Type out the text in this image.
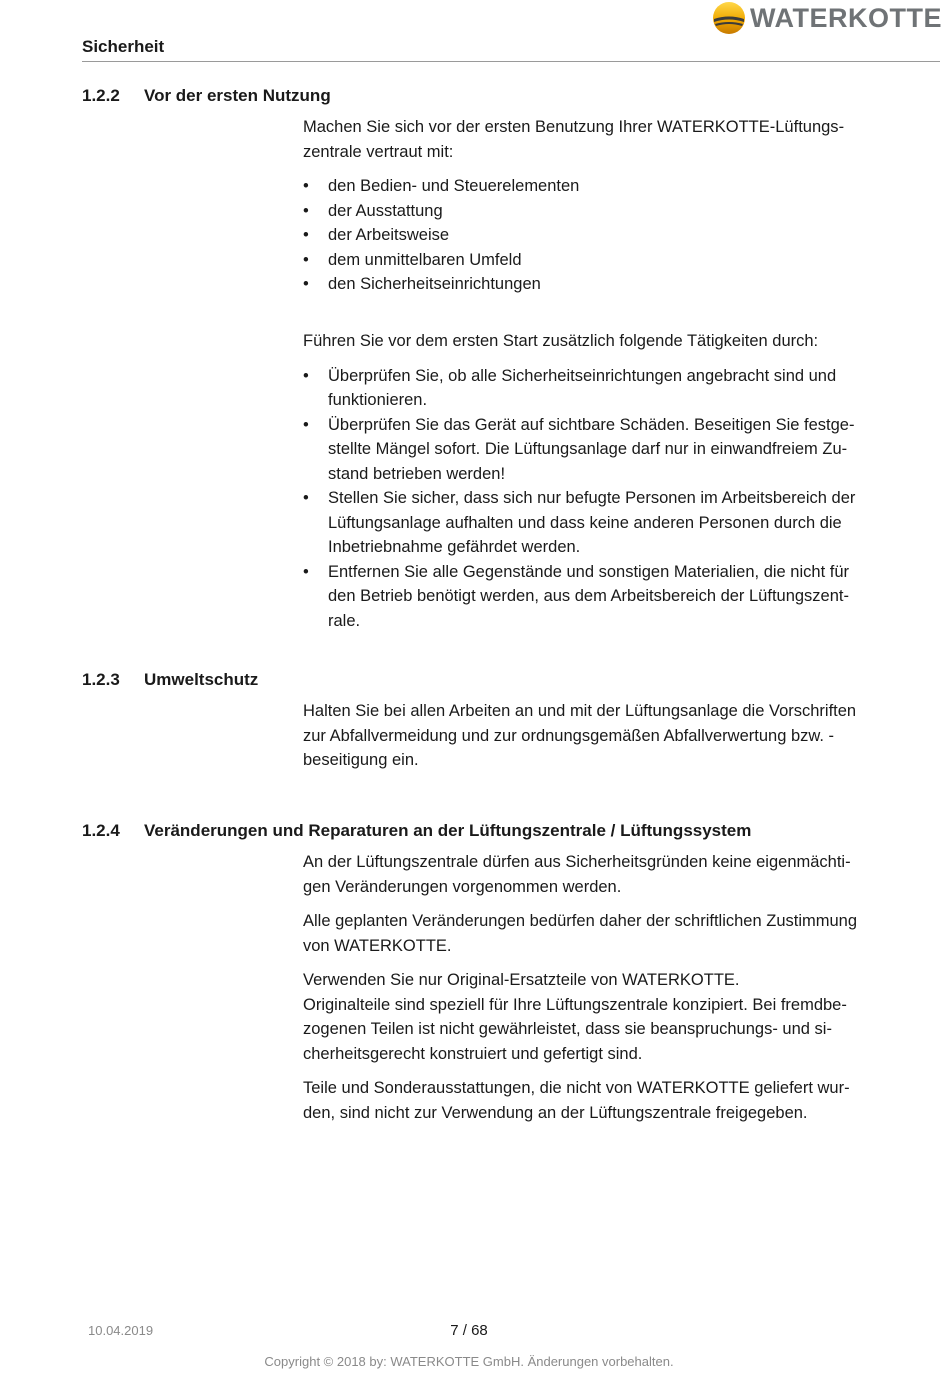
Sicherheit
WATERKOTTE
1.2.2	Vor der ersten Nutzung

Machen Sie sich vor der ersten Benutzung Ihrer WATERKOTTE-Lüftungszentrale vertraut mit:

• den Bedien- und Steuerelementen
• der Ausstattung
• der Arbeitsweise
• dem unmittelbaren Umfeld
• den Sicherheitseinrichtungen

Führen Sie vor dem ersten Start zusätzlich folgende Tätigkeiten durch:

• Überprüfen Sie, ob alle Sicherheitseinrichtungen angebracht sind und funktionieren.
• Überprüfen Sie das Gerät auf sichtbare Schäden. Beseitigen Sie festgestellte Mängel sofort. Die Lüftungsanlage darf nur in einwandfreiem Zustand betrieben werden!
• Stellen Sie sicher, dass sich nur befugte Personen im Arbeitsbereich der Lüftungsanlage aufhalten und dass keine anderen Personen durch die Inbetriebnahme gefährdet werden.
• Entfernen Sie alle Gegenstände und sonstigen Materialien, die nicht für den Betrieb benötigt werden, aus dem Arbeitsbereich der Lüftungszentrale.
1.2.3	Umweltschutz

Halten Sie bei allen Arbeiten an und mit der Lüftungsanlage die Vorschriften zur Abfallvermeidung und zur ordnungsgemäßen Abfallverwertung bzw. -beseitigung ein.

1.2.4	Veränderungen und Reparaturen an der Lüftungszentrale / Lüftungssystem

An der Lüftungszentrale dürfen aus Sicherheitsgründen keine eigenmächtigen Veränderungen vorgenommen werden.

Alle geplanten Veränderungen bedürfen daher der schriftlichen Zustimmung von WATERKOTTE.

Verwenden Sie nur Original-Ersatzteile von WATERKOTTE.

Originalteile sind speziell für Ihre Lüftungszentrale konzipiert. Bei fremdbezogenen Teilen ist nicht gewährleistet, dass sie beanspruchungs- und sicherheitsgerecht konstruiert und gefertigt sind.

Teile und Sonderausstattungen, die nicht von WATERKOTTE geliefert wurden, sind nicht zur Verwendung an der Lüftungszentrale freigegeben.

10.04.2019	7 / 68
Copyright © 2018 by: WATERKOTTE GmbH. Änderungen vorbehalten.
